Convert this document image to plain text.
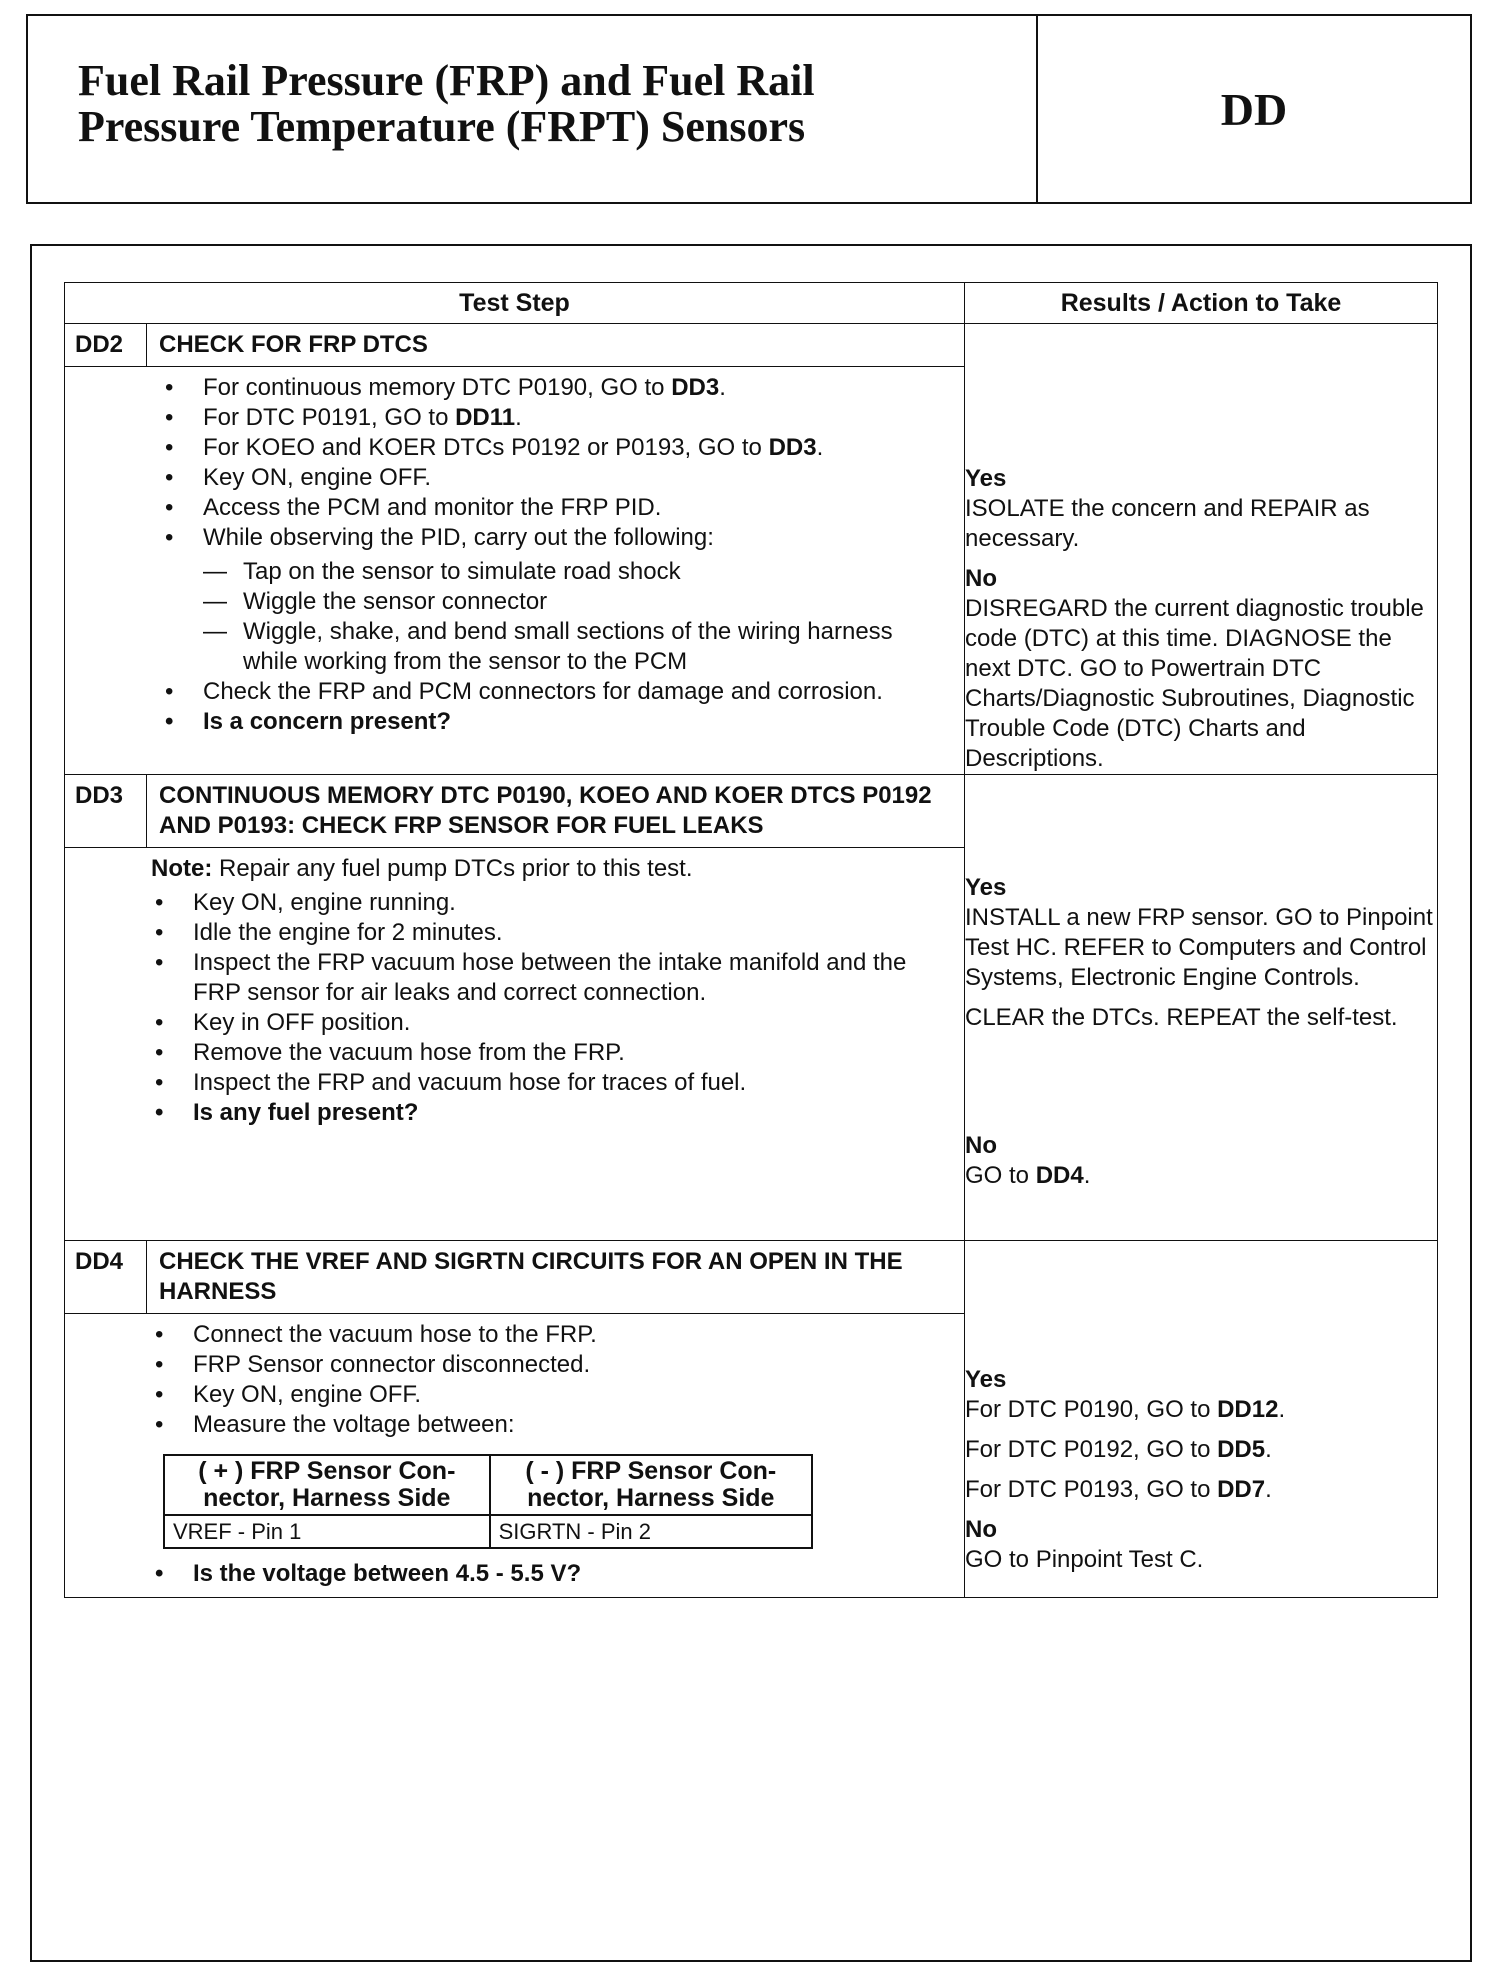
Fuel Rail Pressure (FRP) and Fuel Rail
Pressure Temperature (FRPT) Sensors	DD
Test Step	Results / Action to Take

DD2	CHECK FOR FRP DTCS
• For continuous memory DTC P0190, GO to DD3.
• For DTC P0191, GO to DD11.
• For KOEO and KOER DTCs P0192 or P0193, GO to DD3.
• Key ON, engine OFF.
• Access the PCM and monitor the FRP PID.
• While observing the PID, carry out the following:
— Tap on the sensor to simulate road shock
— Wiggle the sensor connector
— Wiggle, shake, and bend small sections of the wiring harness while working from the sensor to the PCM
• Check the FRP and PCM connectors for damage and corrosion.
• Is a concern present?

Yes
ISOLATE the concern and REPAIR as necessary.
No
DISREGARD the current diagnostic trouble code (DTC) at this time. DIAGNOSE the next DTC. GO to Powertrain DTC Charts/Diagnostic Subroutines, Diagnostic Trouble Code (DTC) Charts and Descriptions.

DD3	CONTINUOUS MEMORY DTC P0190, KOEO AND KOER DTCS P0192 AND P0193: CHECK FRP SENSOR FOR FUEL LEAKS
Note: Repair any fuel pump DTCs prior to this test.
• Key ON, engine running.
• Idle the engine for 2 minutes.
• Inspect the FRP vacuum hose between the intake manifold and the FRP sensor for air leaks and correct connection.
• Key in OFF position.
• Remove the vacuum hose from the FRP.
• Inspect the FRP and vacuum hose for traces of fuel.
• Is any fuel present?

Yes
INSTALL a new FRP sensor. GO to Pinpoint Test HC. REFER to Computers and Control Systems, Electronic Engine Controls.
CLEAR the DTCs. REPEAT the self-test.
No
GO to DD4.

DD4	CHECK THE VREF AND SIGRTN CIRCUITS FOR AN OPEN IN THE HARNESS
• Connect the vacuum hose to the FRP.
• FRP Sensor connector disconnected.
• Key ON, engine OFF.
• Measure the voltage between:
( + ) FRP Sensor Con- nector, Harness Side	( - ) FRP Sensor Con- nector, Harness Side
VREF - Pin 1	SIGRTN - Pin 2
• Is the voltage between 4.5 - 5.5 V?

Yes
For DTC P0190, GO to DD12.
For DTC P0192, GO to DD5.
For DTC P0193, GO to DD7.
No
GO to Pinpoint Test C.
